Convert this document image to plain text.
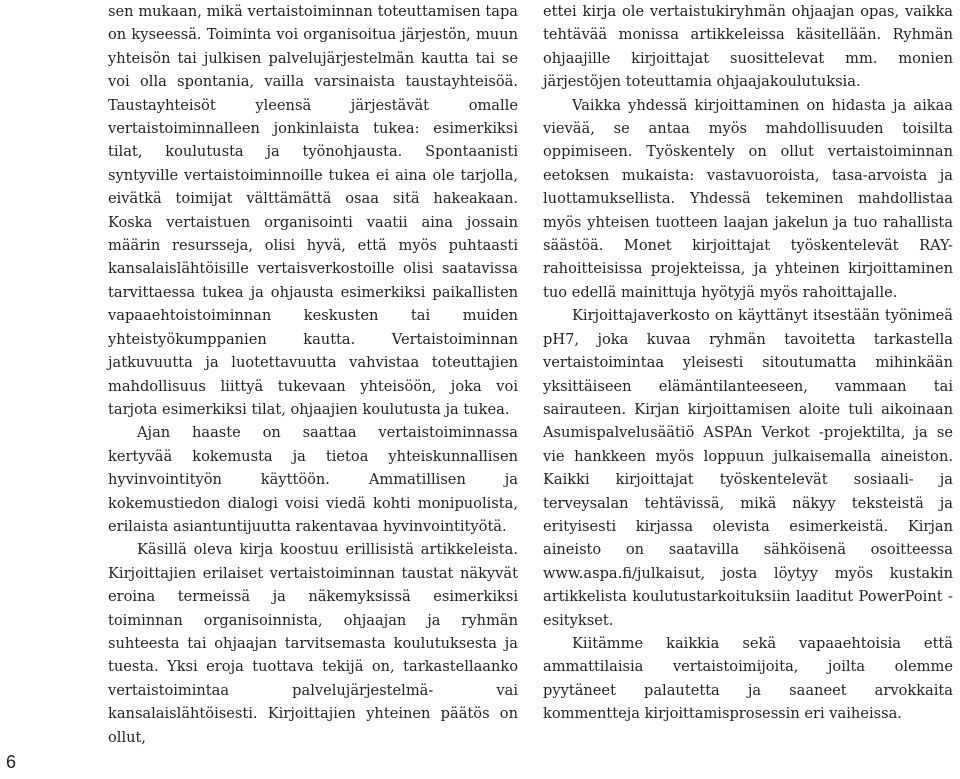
sen mukaan, mikä vertaistoiminnan toteuttamisen tapa on kyseessä. Toiminta voi organisoitua järjestön, muun yhteisön tai julkisen palvelujärjestelmän kautta tai se voi olla spontania, vailla varsinaista taustayhteisöä. Taustayhteisöt yleensä järjestävät omalle vertaistoiminnalleen jonkinlaista tukea: esimerkiksi tilat, koulutusta ja työnohjausta. Spontaanisti syntyville vertaistoiminnoille tukea ei aina ole tarjolla, eivätkä toimijat välttämättä osaa sitä hakeakaan. Koska vertaistuen organisointi vaatii aina jossain määrin resursseja, olisi hyvä, että myös puhtaasti kansalaislähtöisille vertaisverkostoille olisi saatavissa tarvittaessa tukea ja ohjausta esimerkiksi paikallisten vapaaehtoistoiminnan keskusten tai muiden yhteistyökumppanien kautta. Vertaistoiminnan jatkuvuutta ja luotettavuutta vahvistaa toteuttajien mahdollisuus liittyä tukevaan yhteisöön, joka voi tarjota esimerkiksi tilat, ohjaajien koulutusta ja tukea.

Ajan haaste on saattaa vertaistoiminnassa kertyvää kokemusta ja tietoa yhteiskunnallisen hyvinvointityön käyttöön. Ammatillisen ja kokemustiedon dialogi voisi viedä kohti monipuolista, erilaista asiantuntijuutta rakentavaa hyvinvointityötä.

Käsillä oleva kirja koostuu erillisistä artikkeleista. Kirjoittajien erilaiset vertaistoiminnan taustat näkyvät eroina termeissä ja näkemyksissä esimerkiksi toiminnan organisoinnista, ohjaajan ja ryhmän suhteesta tai ohjaajan tarvitsemasta koulutuksesta ja tuesta. Yksi eroja tuottava tekijä on, tarkastellaanko vertaistoimintaa palvelujärjestelmä- vai kansalaislähtöisesti. Kirjoittajien yhteinen päätös on ollut,

ettei kirja ole vertaistukiryhmän ohjaajan opas, vaikka tehtävää monissa artikkeleissa käsitellään. Ryhmän ohjaajille kirjoittajat suosittelevat mm. monien järjestöjen toteuttamia ohjaajakoulutuksia.

Vaikka yhdessä kirjoittaminen on hidasta ja aikaa vievää, se antaa myös mahdollisuuden toisilta oppimiseen. Työskentely on ollut vertaistoiminnan eetoksen mukaista: vastavuoroista, tasa-arvoista ja luottamuksellista. Yhdessä tekeminen mahdollistaa myös yhteisen tuotteen laajan jakelun ja tuo rahallista säästöä. Monet kirjoittajat työskentelevät RAY-rahoitteisissa projekteissa, ja yhteinen kirjoittaminen tuo edellä mainittuja hyötyjä myös rahoittajalle.

Kirjoittajaverkosto on käyttänyt itsestään työnimeä pH7, joka kuvaa ryhmän tavoitetta tarkastella vertaistoimintaa yleisesti sitoutumatta mihinkään yksittäiseen elämäntilanteeseen, vammaan tai sairauteen. Kirjan kirjoittamisen aloite tuli aikoinaan Asumispalvelusäätiö ASPAn Verkot -projektilta, ja se vie hankkeen myös loppuun julkaisemalla aineiston. Kaikki kirjoittajat työskentelevät sosiaali- ja terveysalan tehtävissä, mikä näkyy teksteistä ja erityisesti kirjassa olevista esimerkeistä. Kirjan aineisto on saatavilla sähköisenä osoitteessa www.aspa.fi/julkaisut, josta löytyy myös kustakin artikkelista koulutustarkoituksiin laaditut PowerPoint -esitykset.

Kiitämme kaikkia sekä vapaaehtoisia että ammattilaisia vertaistoimijoita, joilta olemme pyytäneet palautetta ja saaneet arvokkaita kommentteja kirjoittamisprosessin eri vaiheissa.

6
